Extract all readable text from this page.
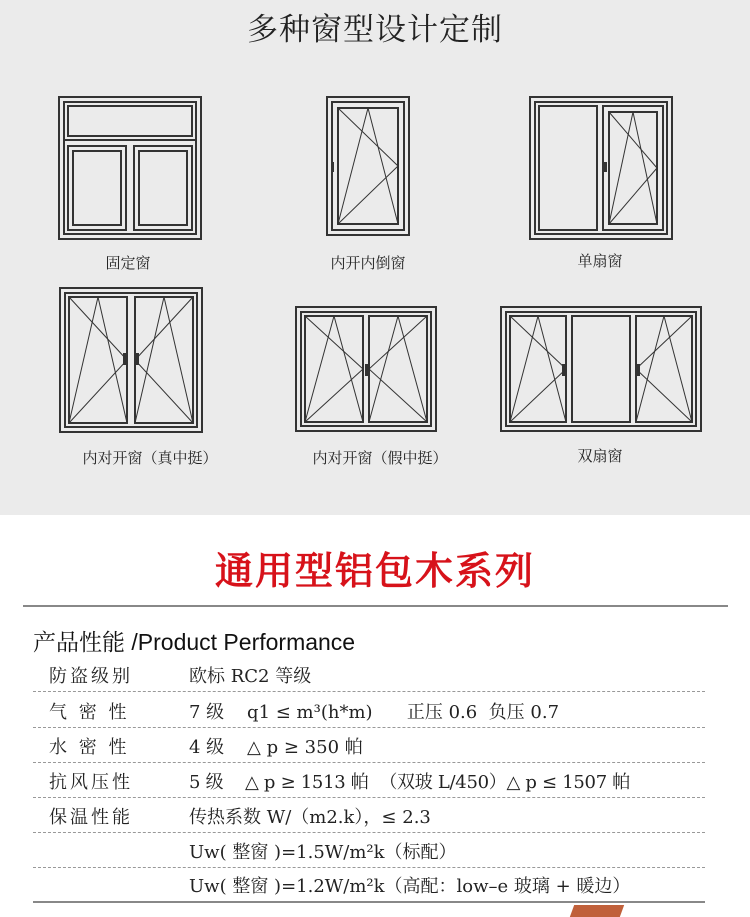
多种窗型设计定制
固定窗	内开内倒窗	单扇窗
内对开窗（真中挺）	内对开窗（假中挺）	双扇窗
通用型铝包木系列
产品性能 /Product Performance
防盗级别	欧标 RC2 等级
气 密 性	7 级    q1 ≤ m³(h*m)      正压 0.6  负压 0.7
水 密 性	4 级    △ p ≥ 350 帕
抗风压性	5 级    △ p ≥ 1513 帕  （双玻 L/450）△ p ≤ 1507 帕
保温性能	传热系数 W/（m2.k），≤ 2.3
Uw( 整窗 )=1.5W/m²k（标配）
Uw( 整窗 )=1.2W/m²k（高配：low–e 玻璃 + 暖边）
